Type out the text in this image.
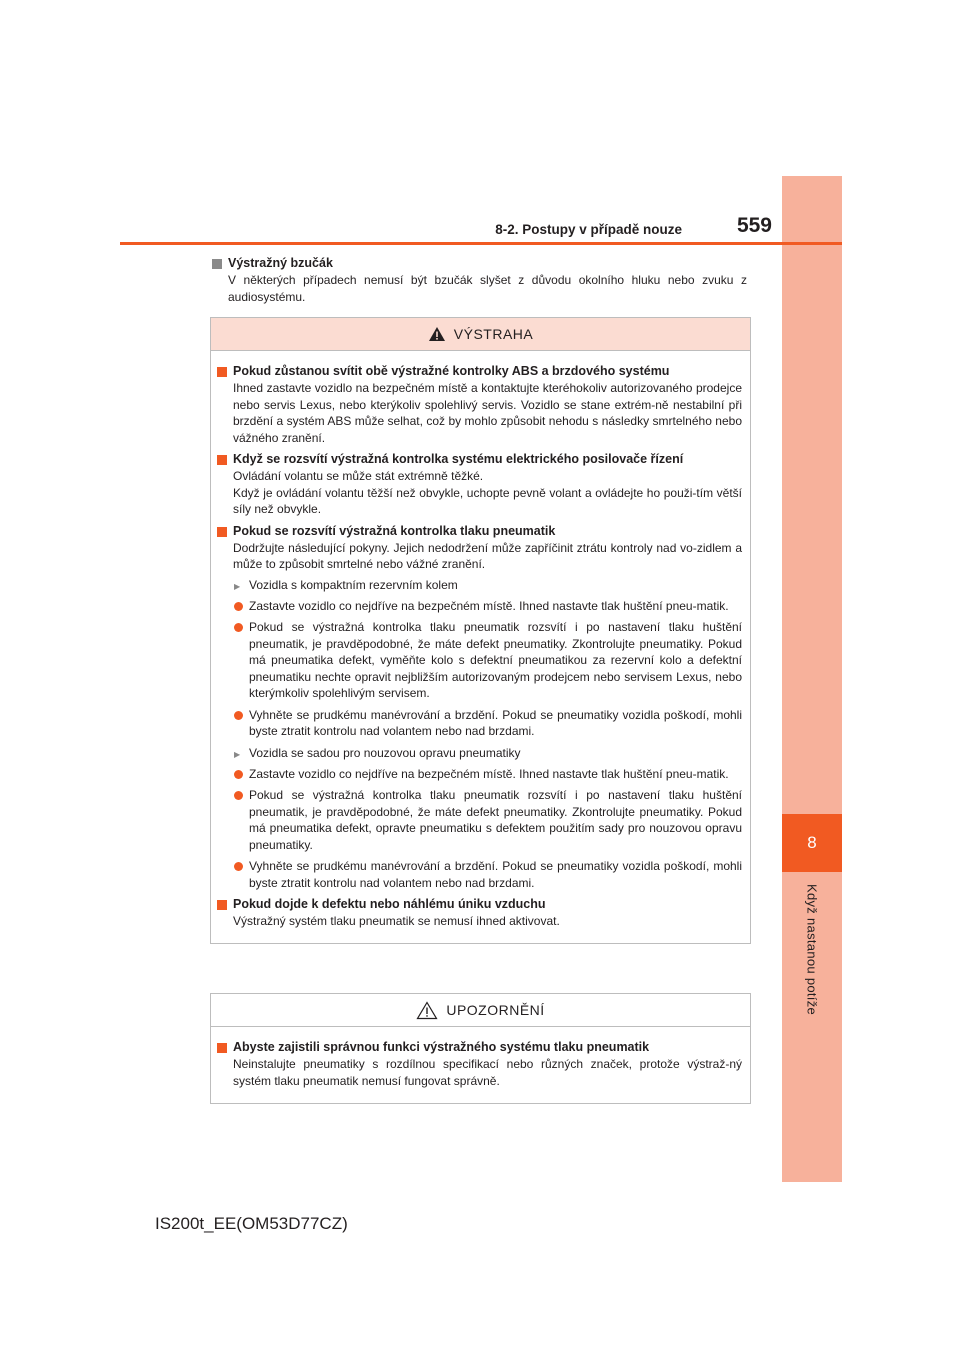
8
Když nastanou potíže
8-2. Postupy v případě nouze	559
Výstražný bzučák
V některých případech nemusí být bzučák slyšet z důvodu okolního hluku nebo zvuku z audiosystému.
VÝSTRAHA
Pokud zůstanou svítit obě výstražné kontrolky ABS a brzdového systému
Ihned zastavte vozidlo na bezpečném místě a kontaktujte kteréhokoliv autorizovaného prodejce nebo servis Lexus, nebo kterýkoliv spolehlivý servis. Vozidlo se stane extrém-ně nestabilní při brzdění a systém ABS může selhat, což by mohlo způsobit nehodu s následky smrtelného nebo vážného zranění.
Když se rozsvítí výstražná kontrolka systému elektrického posilovače řízení
Ovládání volantu se může stát extrémně těžké.
Když je ovládání volantu těžší než obvykle, uchopte pevně volant a ovládejte ho použi-tím větší síly než obvykle.
Pokud se rozsvítí výstražná kontrolka tlaku pneumatik
Dodržujte následující pokyny. Jejich nedodržení může zapříčinit ztrátu kontroly nad vo-zidlem a může to způsobit smrtelné nebo vážné zranění.
▶ Vozidla s kompaktním rezervním kolem
Zastavte vozidlo co nejdříve na bezpečném místě. Ihned nastavte tlak huštění pneu-matik.
Pokud se výstražná kontrolka tlaku pneumatik rozsvítí i po nastavení tlaku huštění pneumatik, je pravděpodobné, že máte defekt pneumatiky. Zkontrolujte pneumatiky. Pokud má pneumatika defekt, vyměňte kolo s defektní pneumatikou za rezervní kolo a defektní pneumatiku nechte opravit nejbližším autorizovaným prodejcem nebo servisem Lexus, nebo kterýmkoliv spolehlivým servisem.
Vyhněte se prudkému manévrování a brzdění. Pokud se pneumatiky vozidla poškodí, mohli byste ztratit kontrolu nad volantem nebo nad brzdami.
▶ Vozidla se sadou pro nouzovou opravu pneumatiky
Zastavte vozidlo co nejdříve na bezpečném místě. Ihned nastavte tlak huštění pneu-matik.
Pokud se výstražná kontrolka tlaku pneumatik rozsvítí i po nastavení tlaku huštění pneumatik, je pravděpodobné, že máte defekt pneumatiky. Zkontrolujte pneumatiky. Pokud má pneumatika defekt, opravte pneumatiku s defektem použitím sady pro nouzovou opravu pneumatiky.
Vyhněte se prudkému manévrování a brzdění. Pokud se pneumatiky vozidla poškodí, mohli byste ztratit kontrolu nad volantem nebo nad brzdami.
Pokud dojde k defektu nebo náhlému úniku vzduchu
Výstražný systém tlaku pneumatik se nemusí ihned aktivovat.
UPOZORNĚNÍ
Abyste zajistili správnou funkci výstražného systému tlaku pneumatik
Neinstalujte pneumatiky s rozdílnou specifikací nebo různých značek, protože výstraž-ný systém tlaku pneumatik nemusí fungovat správně.
IS200t_EE(OM53D77CZ)
